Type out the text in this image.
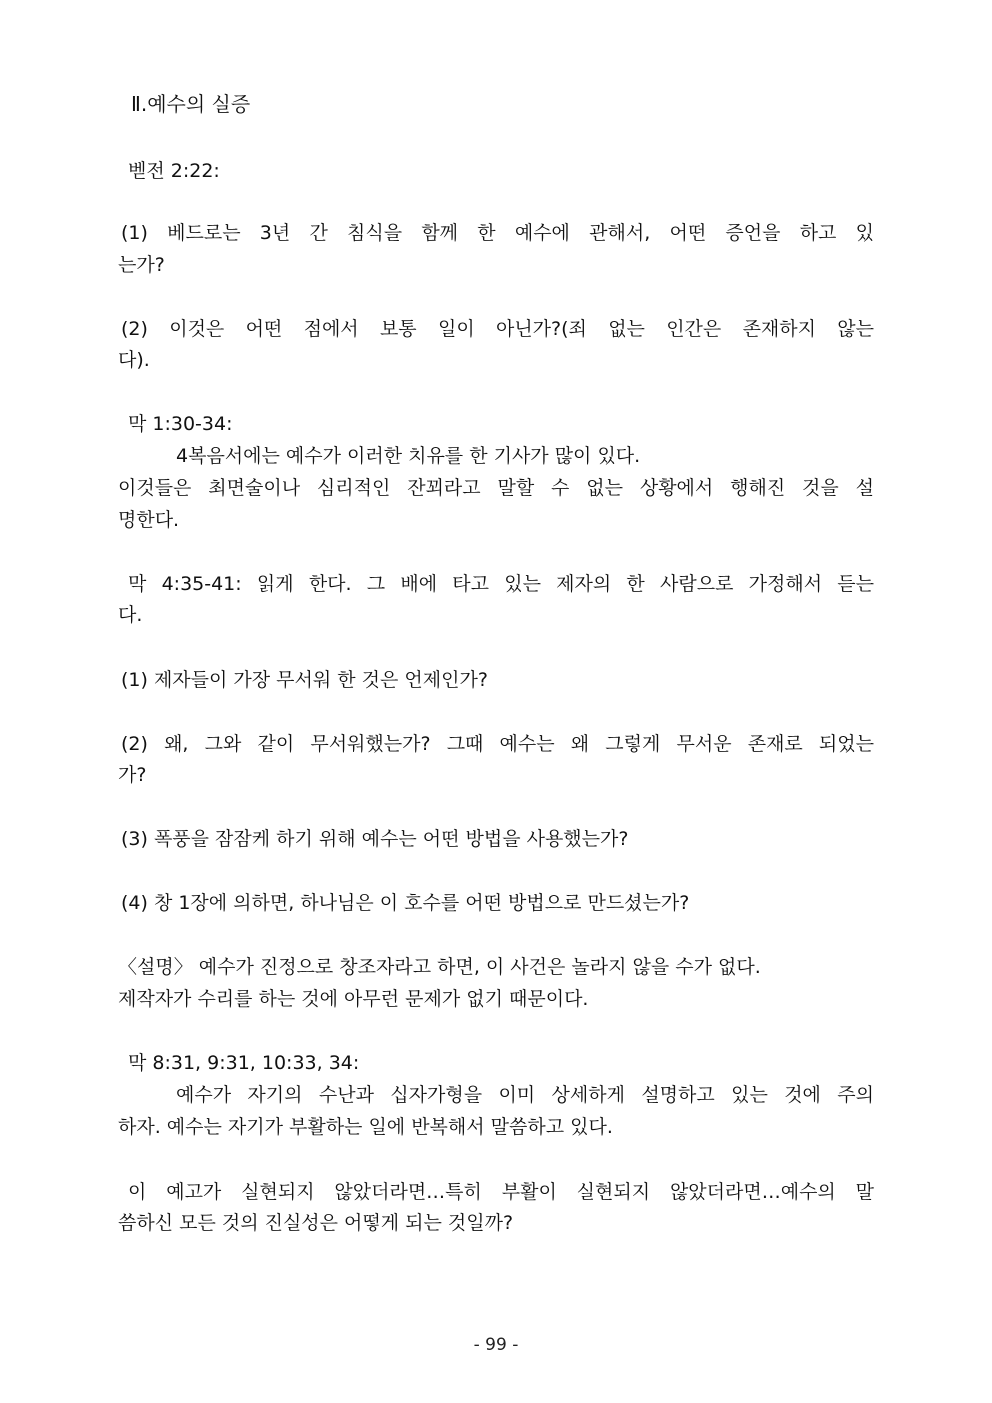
Ⅱ.예수의 실증
벧전 2:22:
(1) 베드로는 3년 간 침식을 함께 한 예수에 관해서, 어떤 증언을 하고 있
는가?
(2) 이것은 어떤 점에서 보통 일이 아닌가?(죄 없는 인간은 존재하지 않는
다).
막 1:30-34:
4복음서에는 예수가 이러한 치유를 한 기사가 많이 있다.
이것들은 최면술이나 심리적인 잔꾀라고 말할 수 없는 상황에서 행해진 것을 설
명한다.
막 4:35-41: 읽게 한다. 그 배에 타고 있는 제자의 한 사람으로 가정해서 듣는
다.
(1) 제자들이 가장 무서워 한 것은 언제인가?
(2) 왜, 그와 같이 무서워했는가? 그때 예수는 왜 그렇게 무서운 존재로 되었는
가?
(3) 폭풍을 잠잠케 하기 위해 예수는 어떤 방법을 사용했는가?
(4) 창 1장에 의하면, 하나님은 이 호수를 어떤 방법으로 만드셨는가?
〈설명〉 예수가 진정으로 창조자라고 하면, 이 사건은 놀라지 않을 수가 없다.
제작자가 수리를 하는 것에 아무런 문제가 없기 때문이다.
막 8:31, 9:31, 10:33, 34:
예수가 자기의 수난과 십자가형을 이미 상세하게 설명하고 있는 것에 주의
하자. 예수는 자기가 부활하는 일에 반복해서 말씀하고 있다.
이 예고가 실현되지 않았더라면…특히 부활이 실현되지 않았더라면…예수의 말
씀하신 모든 것의 진실성은 어떻게 되는 것일까?
- 99 -
